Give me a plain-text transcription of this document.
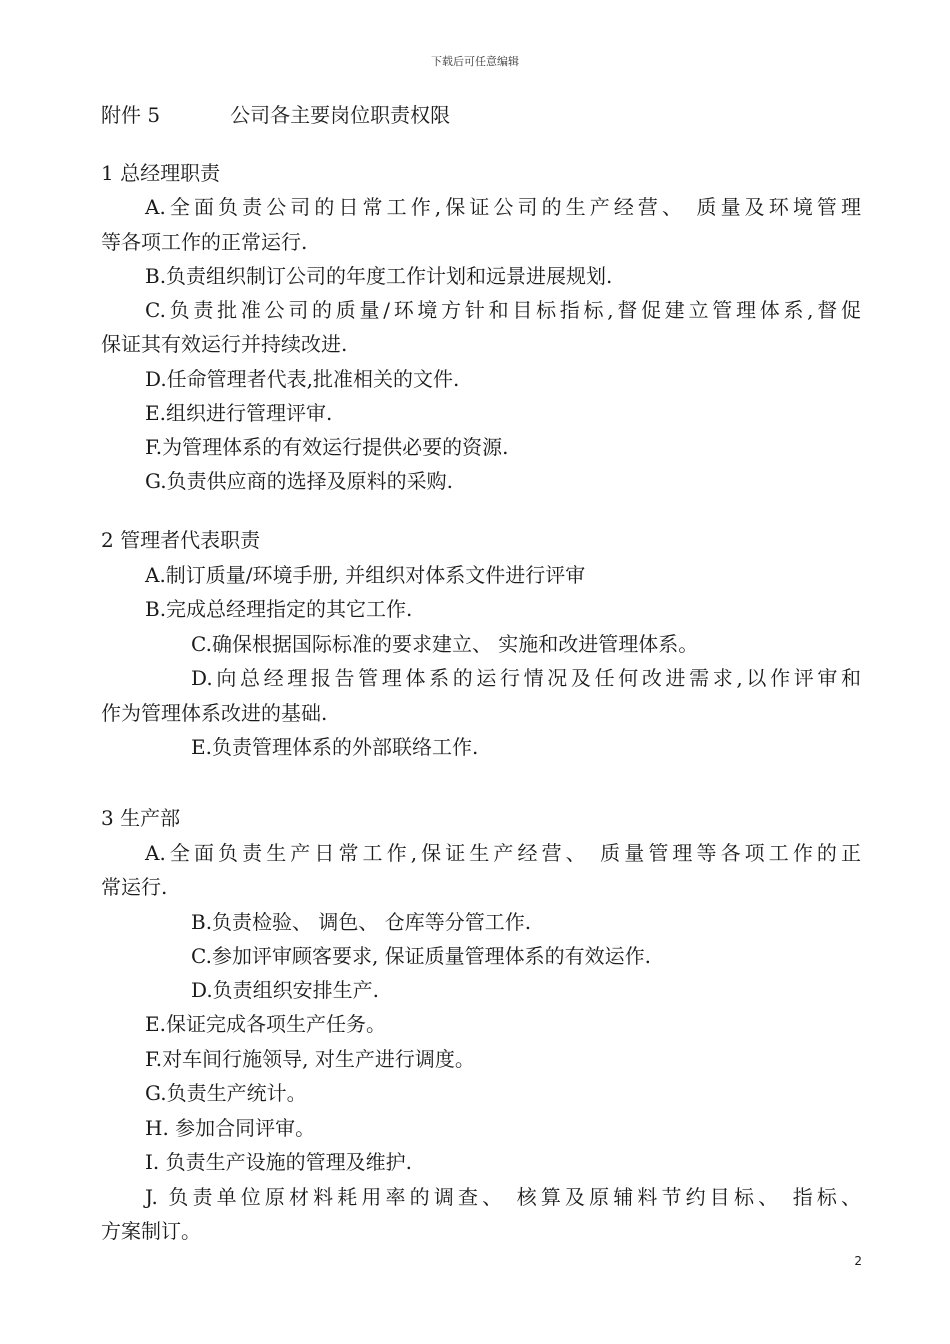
下载后可任意编辑
附件 5	公司各主要岗位职责权限
1 总经理职责
A.全面负责公司的日常工作,保证公司的生产经营、 质量及环境管理
等各项工作的正常运行.
B.负责组织制订公司的年度工作计划和远景进展规划.
C.负责批准公司的质量/环境方针和目标指标,督促建立管理体系,督促
保证其有效运行并持续改进.
D.任命管理者代表,批准相关的文件.
E.组织进行管理评审.
F.为管理体系的有效运行提供必要的资源.
G.负责供应商的选择及原料的采购.
2 管理者代表职责
A.制订质量/环境手册, 并组织对体系文件进行评审
B.完成总经理指定的其它工作.
C.确保根据国际标准的要求建立、 实施和改进管理体系。
D.向总经理报告管理体系的运行情况及任何改进需求,以作评审和
作为管理体系改进的基础.
E.负责管理体系的外部联络工作.
3 生产部
A.全面负责生产日常工作,保证生产经营、 质量管理等各项工作的正
常运行.
B.负责检验、 调色、 仓库等分管工作.
C.参加评审顾客要求, 保证质量管理体系的有效运作.
D.负责组织安排生产.
E.保证完成各项生产任务。
F.对车间行施领导, 对生产进行调度。
G.负责生产统计。
H. 参加合同评审。
I. 负责生产设施的管理及维护.
J. 负责单位原材料耗用率的调查、 核算及原辅料节约目标、 指标、
方案制订。
2
